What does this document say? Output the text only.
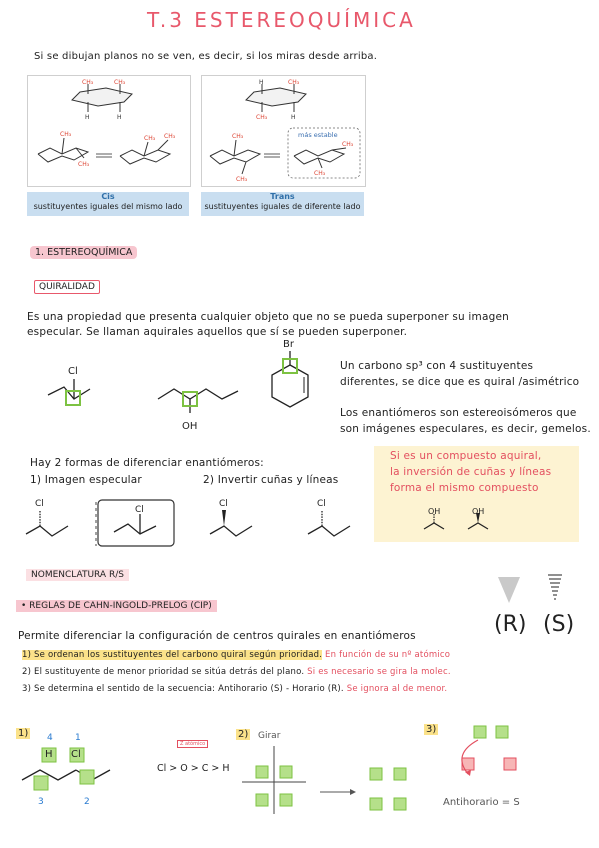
T.3 ESTEREOQUÍMICA
Si se dibujan planos no se ven, es decir, si los miras desde arriba.
CH₃	CH₃
H	H
CH₃
CH₃
CH₃ CH₃
Cis
sustituyentes iguales del mismo lado
H	CH₃
CH₃	H
CH₃
CH₃
CH₃
CH₃
más estable
Trans
sustituyentes iguales de diferente lado
1. ESTEREOQUÍMICA
QUIRALIDAD
Es una propiedad que presenta cualquier objeto que no se pueda superponer su imagen
especular. Se llaman aquirales aquellos que sí se pueden superponer.
Cl
OH
Br
Un carbono sp³ con 4 sustituyentes
diferentes, se dice que es quiral /asimétrico
Los enantiómeros son estereoisómeros que
son imágenes especulares, es decir, gemelos.
Hay 2 formas de diferenciar enantiómeros:
1) Imagen especular	2) Invertir cuñas y líneas
Si es un compuesto aquiral,
la inversión de cuñas y líneas
forma el mismo compuesto
Cl
Cl
Cl	Cl
OH	OH
NOMENCLATURA R/S
• REGLAS DE CAHN-INGOLD-PRELOG (CIP)
(R) (S)
Permite diferenciar la configuración de centros quirales en enantiómeros
1) Se ordenan los sustituyentes del carbono quiral según prioridad. En función de su nº atómico
2) El sustituyente de menor prioridad se sitúa detrás del plano. Si es necesario se gira la molec.
3) Se determina el sentido de la secuencia: Antihorario (S) - Horario (R). Se ignora al de menor.
1)
H Cl
4 1
3	2
Z atómico
Cl > O > C > H
2) Girar
3)
Antihorario = S
